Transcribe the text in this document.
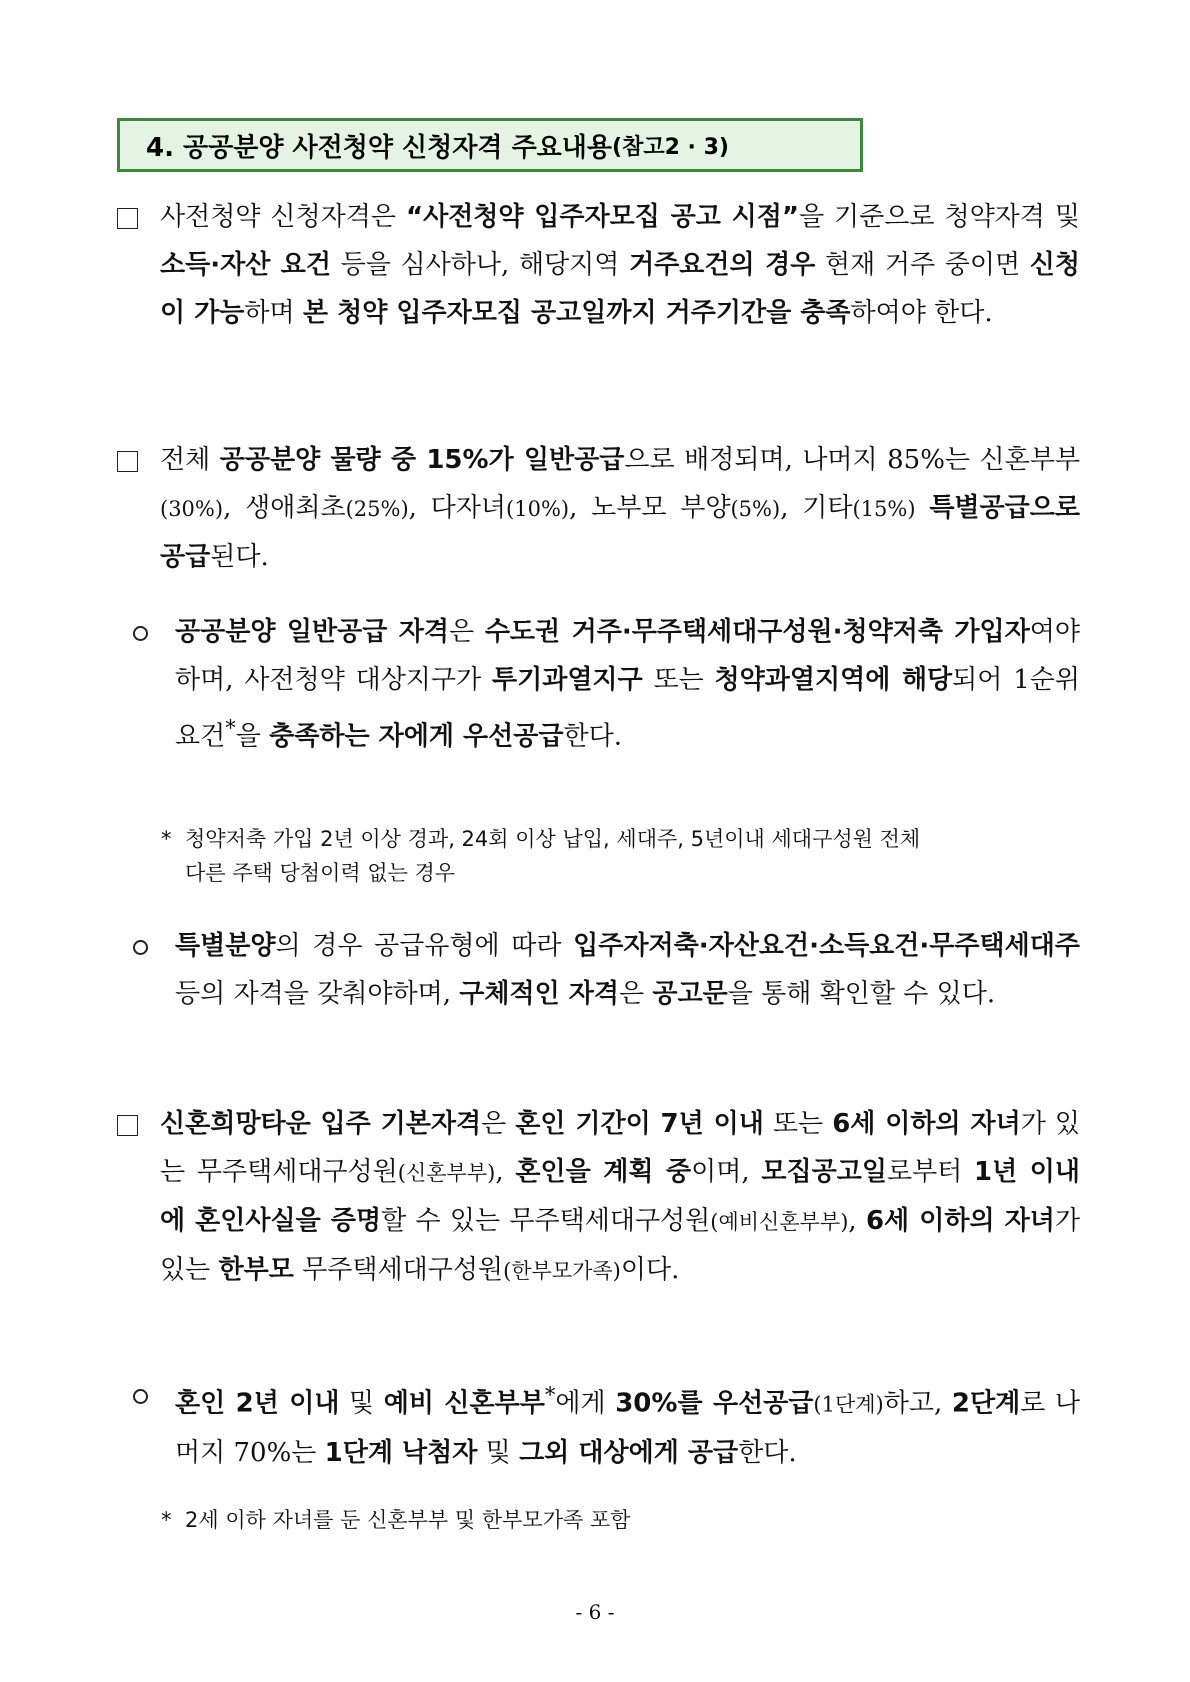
4. 공공분양 사전청약 신청자격 주요내용 (참고2 · 3)
사전청약 신청자격은 “사전청약 입주자모집 공고 시점”을 기준으로 청약자격 및 소득·자산 요건 등을 심사하나, 해당지역 거주요건의 경우 현재 거주 중이면 신청이 가능하며 본 청약 입주자모집 공고일까지 거주기간을 충족하여야 한다.
전체 공공분양 물량 중 15%가 일반공급으로 배정되며, 나머지 85%는 신혼부부(30%), 생애최초(25%), 다자녀(10%), 노부모 부양(5%), 기타(15%) 특별공급으로 공급된다.
공공분양 일반공급 자격은 수도권 거주·무주택세대구성원·청약저축 가입자여야 하며, 사전청약 대상지구가 투기과열지구 또는 청약과열지역에 해당되어 1순위 요건*을 충족하는 자에게 우선공급한다.
* 청약저축 가입 2년 이상 경과, 24회 이상 납입, 세대주, 5년이내 세대구성원 전체
다른 주택 당첨이력 없는 경우
특별분양의 경우 공급유형에 따라 입주자저축·자산요건·소득요건·무주택세대주 등의 자격을 갖춰야하며, 구체적인 자격은 공고문을 통해 확인할 수 있다.
신혼희망타운 입주 기본자격은 혼인 기간이 7년 이내 또는 6세 이하의 자녀가 있는 무주택세대구성원(신혼부부), 혼인을 계획 중이며, 모집공고일로부터 1년 이내에 혼인사실을 증명할 수 있는 무주택세대구성원(예비신혼부부), 6세 이하의 자녀가 있는 한부모 무주택세대구성원(한부모가족)이다.
혼인 2년 이내 및 예비 신혼부부*에게 30%를 우선공급(1단계)하고, 2단계로 나머지 70%는 1단계 낙첨자 및 그외 대상에게 공급한다.
* 2세 이하 자녀를 둔 신혼부부 및 한부모가족 포함
- 6 -
